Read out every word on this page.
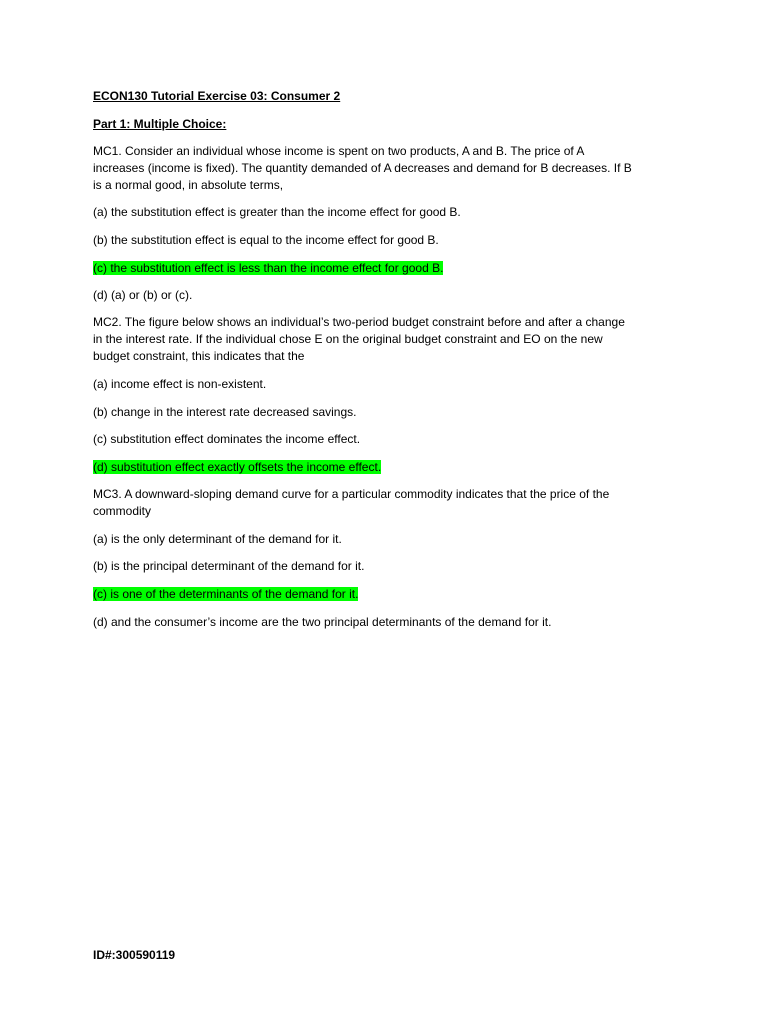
ECON130 Tutorial Exercise 03: Consumer 2
Part 1: Multiple Choice:
MC1. Consider an individual whose income is spent on two products, A and B. The price of A
increases (income is fixed). The quantity demanded of A decreases and demand for B decreases. If B
is a normal good, in absolute terms,
(a) the substitution effect is greater than the income effect for good B.
(b) the substitution effect is equal to the income effect for good B.
(c) the substitution effect is less than the income effect for good B.
(d) (a) or (b) or (c).
MC2. The figure below shows an individual’s two-period budget constraint before and after a change
in the interest rate. If the individual chose E on the original budget constraint and EO on the new
budget constraint, this indicates that the
(a) income effect is non-existent.
(b) change in the interest rate decreased savings.
(c) substitution effect dominates the income effect.
(d) substitution effect exactly offsets the income effect.
MC3. A downward-sloping demand curve for a particular commodity indicates that the price of the
commodity
(a) is the only determinant of the demand for it.
(b) is the principal determinant of the demand for it.
(c) is one of the determinants of the demand for it.
(d) and the consumer’s income are the two principal determinants of the demand for it.
ID#:300590119
